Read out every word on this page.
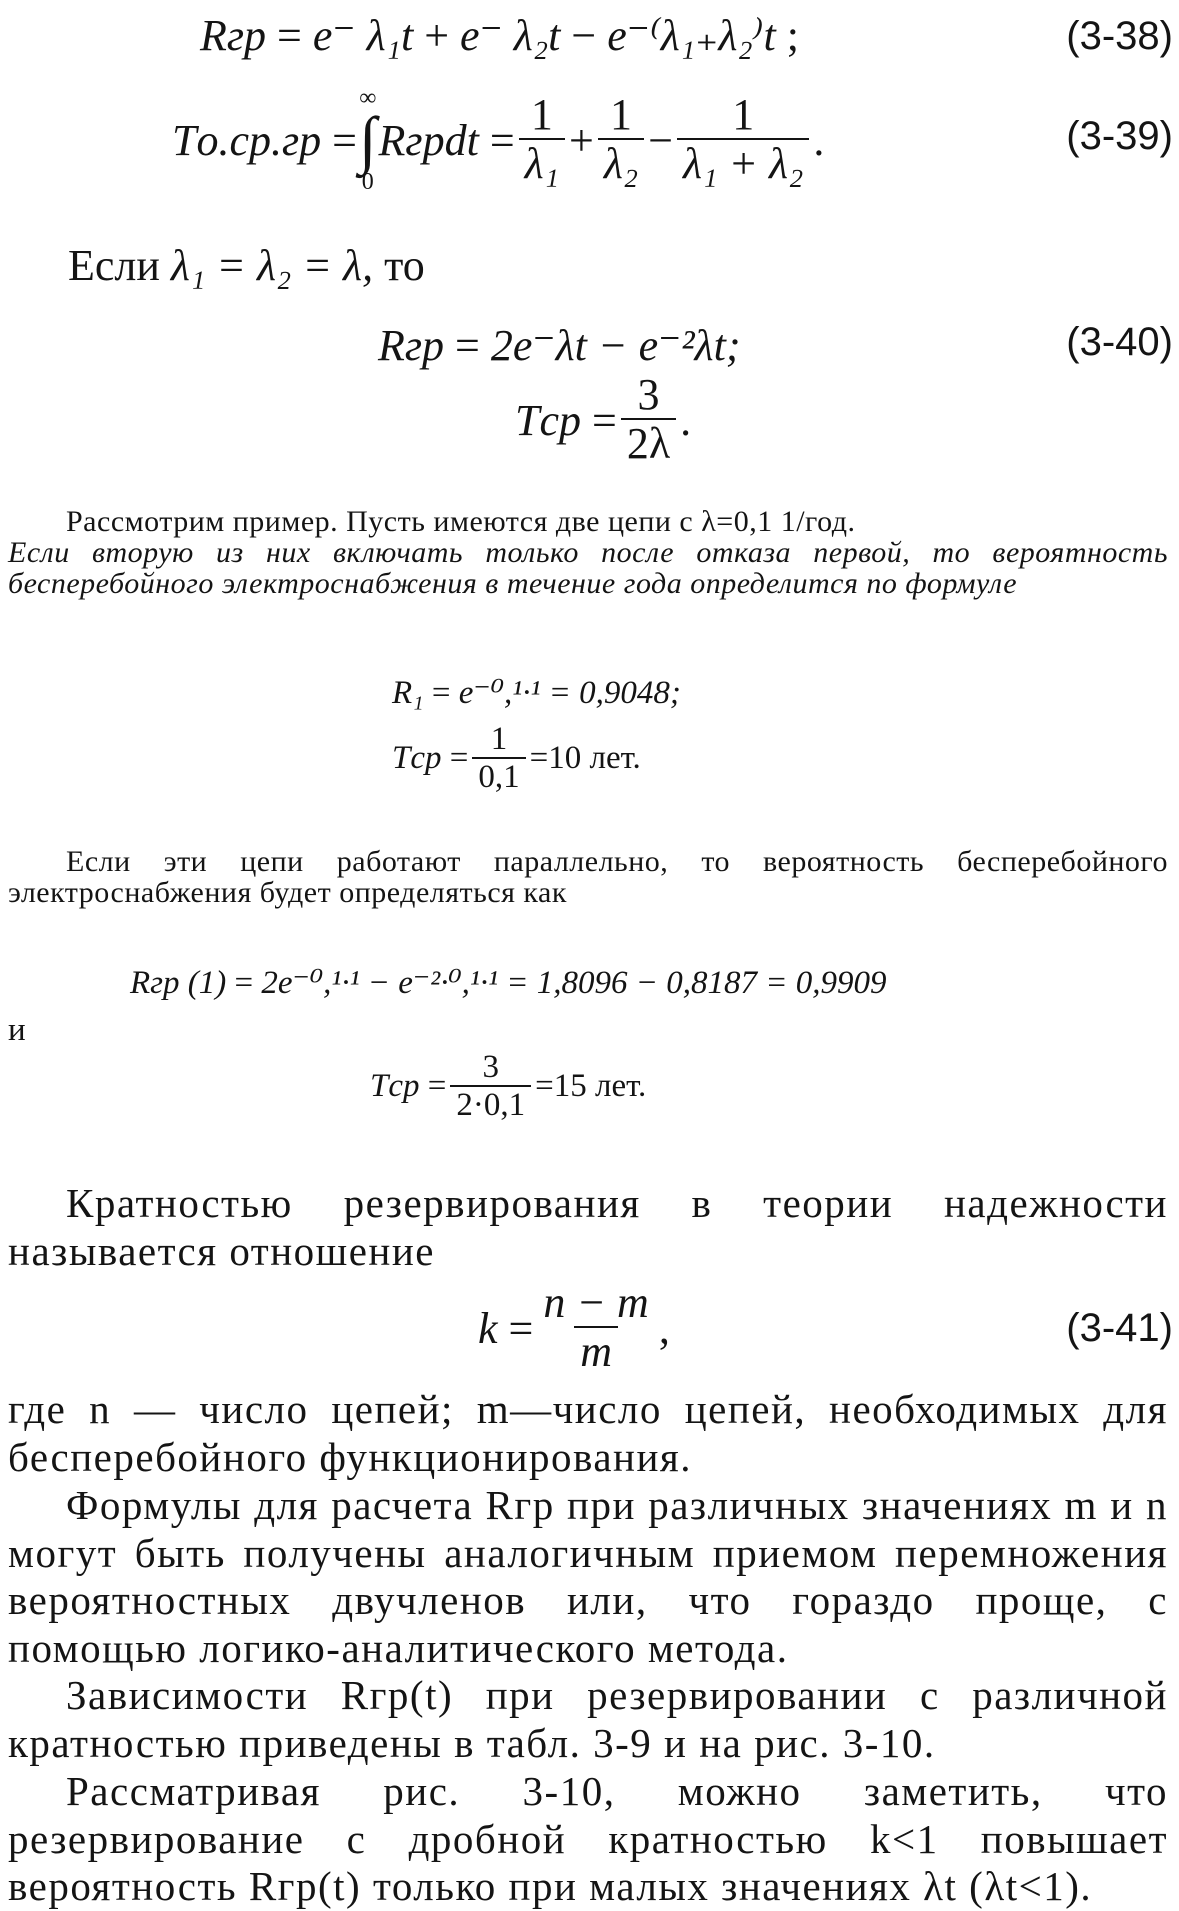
Rгр = e⁻ λ₁t + e⁻ λ₂t − e⁻⁽λ₁₊λ₂⁾t ;	(3-38)
Tо.ср.гр =
∞
∫
0
Rгрdt = $\frac{1}{\text{λ₁}} + \frac{1}{\text{λ₂}} - \frac{1}{\text{λ₁ + λ₂}}$ .	(3-39)
Если λ₁ = λ₂ = λ, то
Rгр = 2e⁻λt − e⁻²λt;	(3-40)
Tср = $\frac{3}{2\lambda}$ .
Рассмотрим пример. Пусть имеются две цепи с λ=0,1 1/год.
Если вторую из них включать только после отказа первой, то вероятность бесперебойного электроснабжения в течение года определится по формуле
R₁ = e⁻⁰,¹·¹ = 0,9048;
Tср = $\frac{1}{0,1} = 10$ лет.
Если эти цепи работают параллельно, то вероятность бесперебойного электроснабжения будет определяться как
Rгр (1) = 2e⁻⁰,¹·¹ − e⁻²·⁰,¹·¹ = 1,8096 − 0,8187 = 0,9909
и
Tср = $\frac{3}{2\cdot 0,1} = 15$ лет.
Кратностью резервирования в теории надежности называется отношение
$k = \frac{n - m}{m}$ ,	(3-41)
где n — число цепей; m—число цепей, необходимых для бесперебойного функционирования.
Формулы для расчета Rгр при различных значениях m и n могут быть получены аналогичным приемом перемножения вероятностных двучленов или, что гораздо проще, с помощью логико-аналитического метода.
Зависимости Rгр(t) при резервировании с различной кратностью приведены в табл. 3-9 и на рис. 3-10.
Рассматривая рис. 3-10, можно заметить, что резервирование с дробной кратностью k<1 повышает вероятность Rгр(t) только при малых значениях λt (λt<1).
